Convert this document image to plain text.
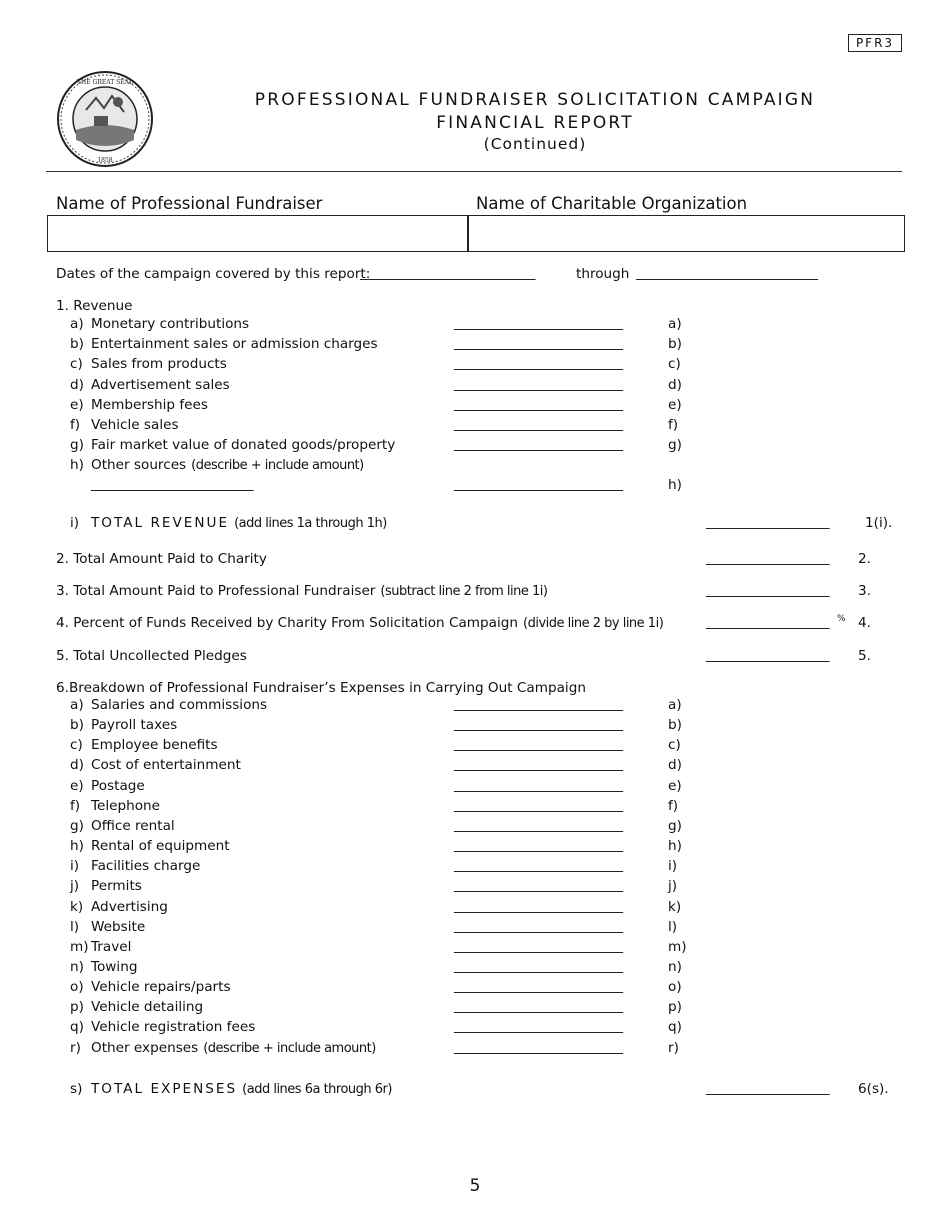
PFR3
THE GREAT SEAL
1858
PROFESSIONAL FUNDRAISER SOLICITATION CAMPAIGN
FINANCIAL REPORT
(Continued)
Name of Professional Fundraiser	Name of Charitable Organization
Dates of the campaign covered by this report:
___________________________	through ____________________________
1. Revenue
a) Monetary contributions	__________________________	a)
b) Entertainment sales or admission charges	__________________________	b)
c) Sales from products	__________________________	c)
d) Advertisement sales	__________________________	d)
e) Membership fees	__________________________	e)
f) Vehicle sales	__________________________	f)
g) Fair market value of donated goods/property	__________________________	g)
h) Other sources (describe + include amount)
_________________________	__________________________	h)
i) TOTAL REVENUE	___________________	1(i).
(add lines 1a through 1h)
2. Total Amount Paid to Charity	___________________ 2.
3. Total Amount Paid to Professional Fundraiser (subtract line 2 from line 1i)	___________________ 3.
4. Percent of Funds Received by Charity From Solicitation Campaign (divide line 2 by line 1i)	___________________ % 4.
5. Total Uncollected Pledges	___________________ 5.
6.Breakdown of Professional Fundraiser’s Expenses in Carrying Out Campaign
a) Salaries and commissions	__________________________	a)
b) Payroll taxes	__________________________	b)
c) Employee benefits	__________________________	c)
d) Cost of entertainment	__________________________	d)
e) Postage	__________________________	e)
f) Telephone	__________________________	f)
g) Office rental	__________________________	g)
h) Rental of equipment	__________________________	h)
i) Facilities charge	__________________________	i)
j) Permits	__________________________	j)
k) Advertising	__________________________	k)
l) Website	__________________________	l)
m) Travel	__________________________	m)
n) Towing	__________________________	n)
o) Vehicle repairs/parts	__________________________	o)
p) Vehicle detailing	__________________________	p)
q) Vehicle registration fees	__________________________	q)
r) Other expenses (describe + include amount)	__________________________	r)
s) TOTAL EXPENSES	___________________ 6(s).
(add lines 6a through 6r)
5
